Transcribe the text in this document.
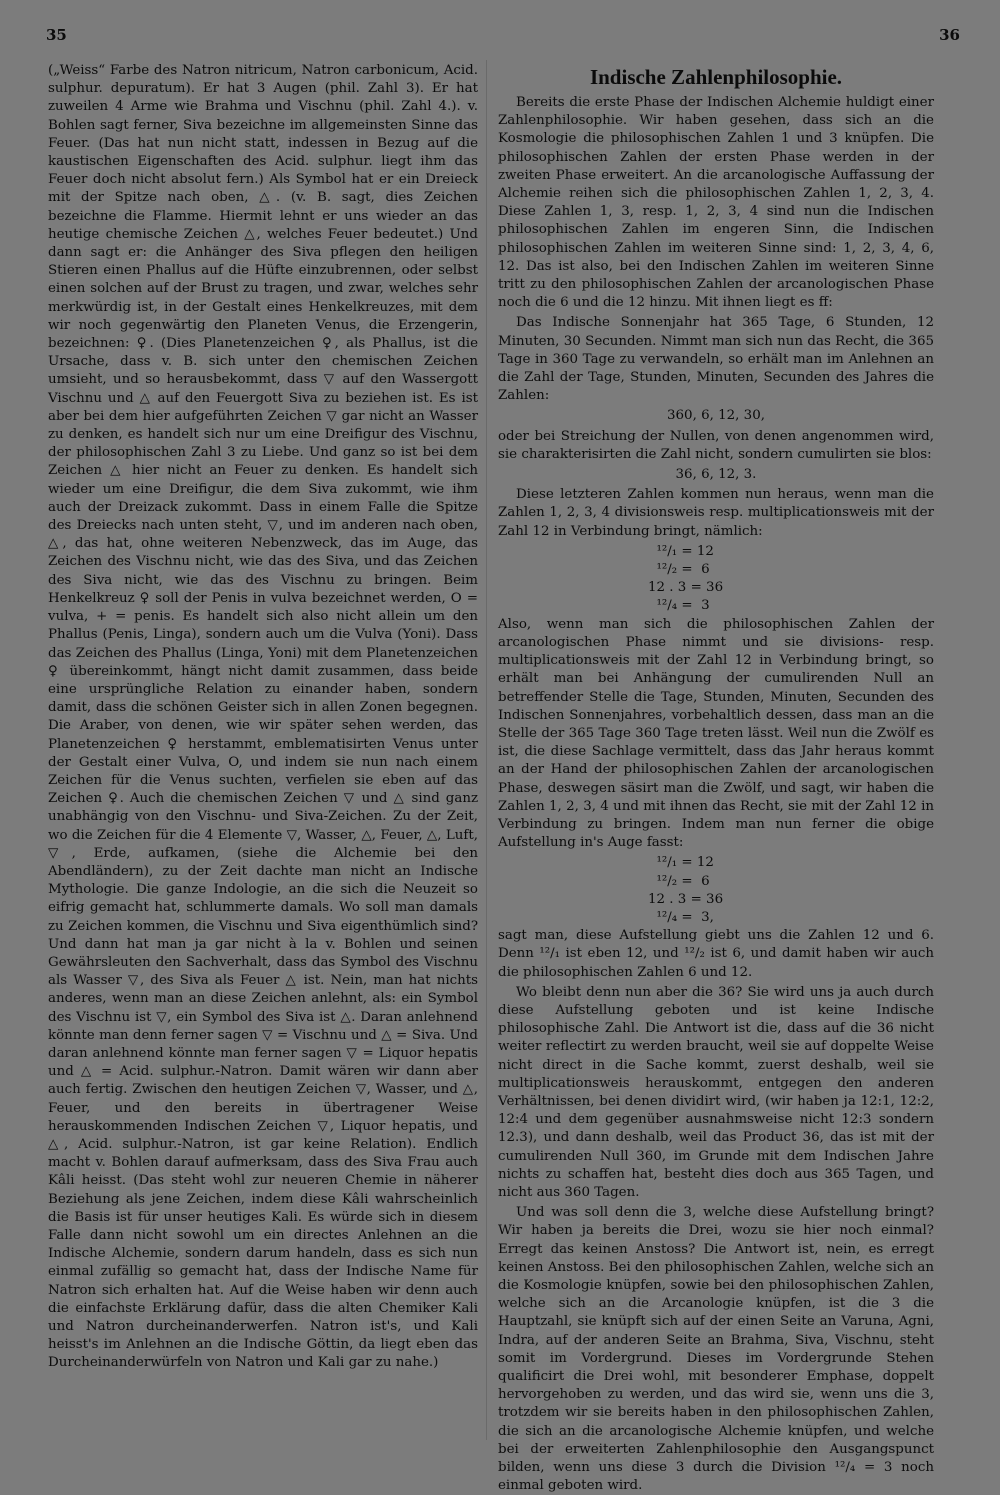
35	36

(„Weiss“ Farbe des Natron nitricum, Natron carbonicum, Acid. sulphur. depuratum). Er hat 3 Augen (phil. Zahl 3). Er hat zuweilen 4 Arme wie Brahma und Vischnu (phil. Zahl 4.). v. Bohlen sagt ferner, Siva bezeichne im allgemeinsten Sinne das Feuer. (Das hat nun nicht statt, indessen in Bezug auf die kaustischen Eigenschaften des Acid. sulphur. liegt ihm das Feuer doch nicht absolut fern.) Als Symbol hat er ein Dreieck mit der Spitze nach oben, △. (v. B. sagt, dies Zeichen bezeichne die Flamme. Hiermit lehnt er uns wieder an das heutige chemische Zeichen △, welches Feuer bedeutet.) Und dann sagt er: die Anhänger des Siva pflegen den heiligen Stieren einen Phallus auf die Hüfte einzubrennen, oder selbst einen solchen auf der Brust zu tragen, und zwar, welches sehr merkwürdig ist, in der Gestalt eines Henkelkreuzes, mit dem wir noch gegenwärtig den Planeten Venus, die Erzengerin, bezeichnen: ♀. (Dies Planetenzeichen ♀, als Phallus, ist die Ursache, dass v. B. sich unter den chemischen Zeichen umsieht, und so herausbekommt, dass ▽ auf den Wassergott Vischnu und △ auf den Feuergott Siva zu beziehen ist. Es ist aber bei dem hier aufgeführten Zeichen ▽ gar nicht an Wasser zu denken, es handelt sich nur um eine Dreifigur des Vischnu, der philosophischen Zahl 3 zu Liebe. Und ganz so ist bei dem Zeichen △ hier nicht an Feuer zu denken. Es handelt sich wieder um eine Dreifigur, die dem Siva zukommt, wie ihm auch der Dreizack zukommt. Dass in einem Falle die Spitze des Dreiecks nach unten steht, ▽, und im anderen nach oben, △, das hat, ohne weiteren Nebenzweck, das im Auge, das Zeichen des Vischnu nicht, wie das des Siva, und das Zeichen des Siva nicht, wie das des Vischnu zu bringen. Beim Henkelkreuz ♀ soll der Penis in vulva bezeichnet werden, O = vulva, + = penis. Es handelt sich also nicht allein um den Phallus (Penis, Linga), sondern auch um die Vulva (Yoni). Dass das Zeichen des Phallus (Linga, Yoni) mit dem Planetenzeichen ♀ übereinkommt, hängt nicht damit zusammen, dass beide eine ursprüngliche Relation zu einander haben, sondern damit, dass die schönen Geister sich in allen Zonen begegnen. Die Araber, von denen, wie wir später sehen werden, das Planetenzeichen ♀ herstammt, emblematisirten Venus unter der Gestalt einer Vulva, O, und indem sie nun nach einem Zeichen für die Venus suchten, verfielen sie eben auf das Zeichen ♀. Auch die chemischen Zeichen ▽ und △ sind ganz unabhängig von den Vischnu- und Siva-Zeichen. Zu der Zeit, wo die Zeichen für die 4 Elemente ▽, Wasser, △, Feuer, △, Luft, ▽, Erde, aufkamen, (siehe die Alchemie bei den Abendländern), zu der Zeit dachte man nicht an Indische Mythologie. Die ganze Indologie, an die sich die Neuzeit so eifrig gemacht hat, schlummerte damals. Wo soll man damals zu Zeichen kommen, die Vischnu und Siva eigenthümlich sind? Und dann hat man ja gar nicht à la v. Bohlen und seinen Gewährsleuten den Sachverhalt, dass das Symbol des Vischnu als Wasser ▽, des Siva als Feuer △ ist. Nein, man hat nichts anderes, wenn man an diese Zeichen anlehnt, als: ein Symbol des Vischnu ist ▽, ein Symbol des Siva ist △. Daran anlehnend könnte man denn ferner sagen ▽ = Vischnu und △ = Siva. Und daran anlehnend könnte man ferner sagen ▽ = Liquor hepatis und △ = Acid. sulphur.-Natron. Damit wären wir dann aber auch fertig. Zwischen den heutigen Zeichen ▽, Wasser, und △, Feuer, und den bereits in übertragener Weise herauskommenden Indischen Zeichen ▽, Liquor hepatis, und △, Acid. sulphur.-Natron, ist gar keine Relation). Endlich macht v. Bohlen darauf aufmerksam, dass des Siva Frau auch Kâli heisst. (Das steht wohl zur neueren Chemie in näherer Beziehung als jene Zeichen, indem diese Kâli wahrscheinlich die Basis ist für unser heutiges Kali. Es würde sich in diesem Falle dann nicht sowohl um ein directes Anlehnen an die Indische Alchemie, sondern darum handeln, dass es sich nun einmal zufällig so gemacht hat, dass der Indische Name für Natron sich erhalten hat. Auf die Weise haben wir denn auch die einfachste Erklärung dafür, dass die alten Chemiker Kali und Natron durcheinanderwerfen. Natron ist's, und Kali heisst's im Anlehnen an die Indische Göttin, da liegt eben das Durcheinanderwürfeln von Natron und Kali gar zu nahe.)

Indische Zahlenphilosophie.

Bereits die erste Phase der Indischen Alchemie huldigt einer Zahlenphilosophie. Wir haben gesehen, dass sich an die Kosmologie die philosophischen Zahlen 1 und 3 knüpfen. Die philosophischen Zahlen der ersten Phase werden in der zweiten Phase erweitert. An die arcanologische Auffassung der Alchemie reihen sich die philosophischen Zahlen 1, 2, 3, 4. Diese Zahlen 1, 3, resp. 1, 2, 3, 4 sind nun die Indischen philosophischen Zahlen im engeren Sinn, die Indischen philosophischen Zahlen im weiteren Sinne sind: 1, 2, 3, 4, 6, 12. Das ist also, bei den Indischen Zahlen im weiteren Sinne tritt zu den philosophischen Zahlen der arcanologischen Phase noch die 6 und die 12 hinzu. Mit ihnen liegt es ff:

Das Indische Sonnenjahr hat 365 Tage, 6 Stunden, 12 Minuten, 30 Secunden. Nimmt man sich nun das Recht, die 365 Tage in 360 Tage zu verwandeln, so erhält man im Anlehnen an die Zahl der Tage, Stunden, Minuten, Secunden des Jahres die Zahlen:

360, 6, 12, 30,

oder bei Streichung der Nullen, von denen angenommen wird, sie charakterisirten die Zahl nicht, sondern cumulirten sie blos:

36, 6, 12, 3.

Diese letzteren Zahlen kommen nun heraus, wenn man die Zahlen 1, 2, 3, 4 divisionsweis resp. multiplicationsweis mit der Zahl 12 in Verbindung bringt, nämlich:

¹²/₁ = 12
¹²/₂ =  6
12 . 3 = 36
¹²/₄ =  3

Also, wenn man sich die philosophischen Zahlen der arcanologischen Phase nimmt und sie divisions- resp. multiplicationsweis mit der Zahl 12 in Verbindung bringt, so erhält man bei Anhängung der cumulirenden Null an betreffender Stelle die Tage, Stunden, Minuten, Secunden des Indischen Sonnenjahres, vorbehaltlich dessen, dass man an die Stelle der 365 Tage 360 Tage treten lässt. Weil nun die Zwölf es ist, die diese Sachlage vermittelt, dass das Jahr heraus kommt an der Hand der philosophischen Zahlen der arcanologischen Phase, deswegen säsirt man die Zwölf, und sagt, wir haben die Zahlen 1, 2, 3, 4 und mit ihnen das Recht, sie mit der Zahl 12 in Verbindung zu bringen. Indem man nun ferner die obige Aufstellung in's Auge fasst:

¹²/₁ = 12
¹²/₂ =  6
12 . 3 = 36
¹²/₄ =  3,

sagt man, diese Aufstellung giebt uns die Zahlen 12 und 6. Denn ¹²/₁ ist eben 12, und ¹²/₂ ist 6, und damit haben wir auch die philosophischen Zahlen 6 und 12.

Wo bleibt denn nun aber die 36? Sie wird uns ja auch durch diese Aufstellung geboten und ist keine Indische philosophische Zahl. Die Antwort ist die, dass auf die 36 nicht weiter reflectirt zu werden braucht, weil sie auf doppelte Weise nicht direct in die Sache kommt, zuerst deshalb, weil sie multiplicationsweis herauskommt, entgegen den anderen Verhältnissen, bei denen dividirt wird, (wir haben ja 12:1, 12:2, 12:4 und dem gegenüber ausnahmsweise nicht 12:3 sondern 12.3), und dann deshalb, weil das Product 36, das ist mit der cumulirenden Null 360, im Grunde mit dem Indischen Jahre nichts zu schaffen hat, besteht dies doch aus 365 Tagen, und nicht aus 360 Tagen.

Und was soll denn die 3, welche diese Aufstellung bringt? Wir haben ja bereits die Drei, wozu sie hier noch einmal? Erregt das keinen Anstoss? Die Antwort ist, nein, es erregt keinen Anstoss. Bei den philosophischen Zahlen, welche sich an die Kosmologie knüpfen, sowie bei den philosophischen Zahlen, welche sich an die Arcanologie knüpfen, ist die 3 die Hauptzahl, sie knüpft sich auf der einen Seite an Varuna, Agni, Indra, auf der anderen Seite an Brahma, Siva, Vischnu, steht somit im Vordergrund. Dieses im Vordergrunde Stehen qualificirt die Drei wohl, mit besonderer Emphase, doppelt hervorgehoben zu werden, und das wird sie, wenn uns die 3, trotzdem wir sie bereits haben in den philosophischen Zahlen, die sich an die arcanologische Alchemie knüpfen, und welche bei der erweiterten Zahlenphilosophie den Ausgangspunct bilden, wenn uns diese 3 durch die Division ¹²/₄ = 3 noch einmal geboten wird.
